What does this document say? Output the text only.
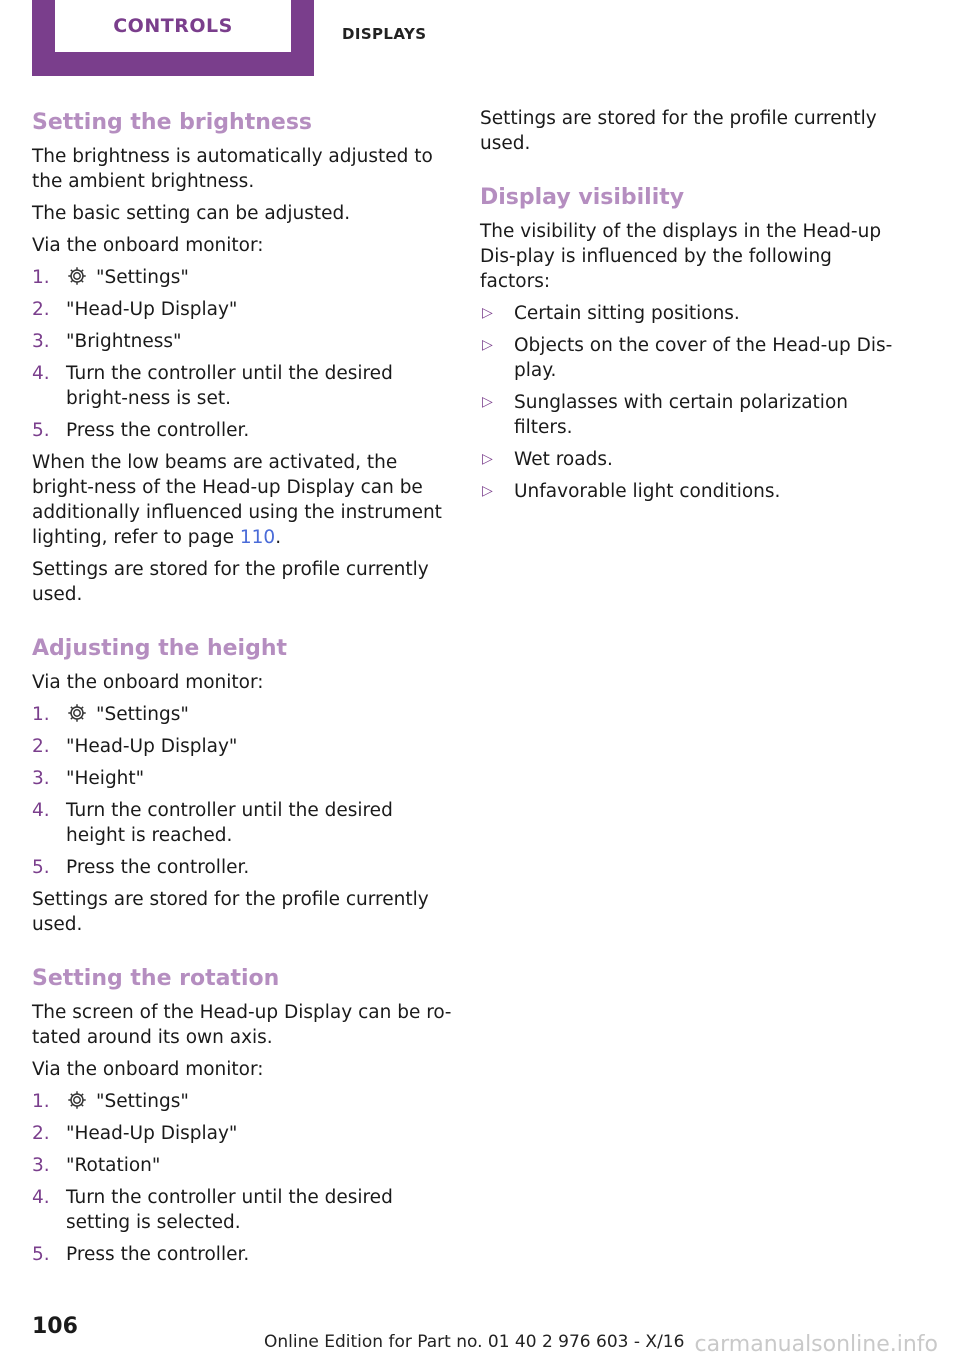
CONTROLS	DISPLAYS
Setting the brightness

The brightness is automatically adjusted to the ambient brightness.

The basic setting can be adjusted.

Via the onboard monitor:

1.	"Settings"
2. "Head-Up Display"
3. "Brightness"
4. Turn the controller until the desired bright‐ness is set.
5. Press the controller.

When the low beams are activated, the bright‐ness of the Head-up Display can be additionally influenced using the instrument lighting, refer to page 110.

Settings are stored for the profile currently used.

Adjusting the height

Via the onboard monitor:

1.	"Settings"
2. "Head-Up Display"
3. "Height"
4. Turn the controller until the desired height is reached.
5. Press the controller.

Settings are stored for the profile currently used.

Setting the rotation

The screen of the Head-up Display can be ro‐tated around its own axis.

Via the onboard monitor:

1.	"Settings"
2. "Head-Up Display"
3. "Rotation"
4. Turn the controller until the desired setting is selected.
5. Press the controller.

Settings are stored for the profile currently used.

Display visibility

The visibility of the displays in the Head-up Dis‐play is influenced by the following factors:

▷ Certain sitting positions.
▷ Objects on the cover of the Head-up Dis‐play.
▷ Sunglasses with certain polarization filters.
▷ Wet roads.
▷ Unfavorable light conditions.
106
Online Edition for Part no. 01 40 2 976 603 - X/16 carmanualsonline.info
